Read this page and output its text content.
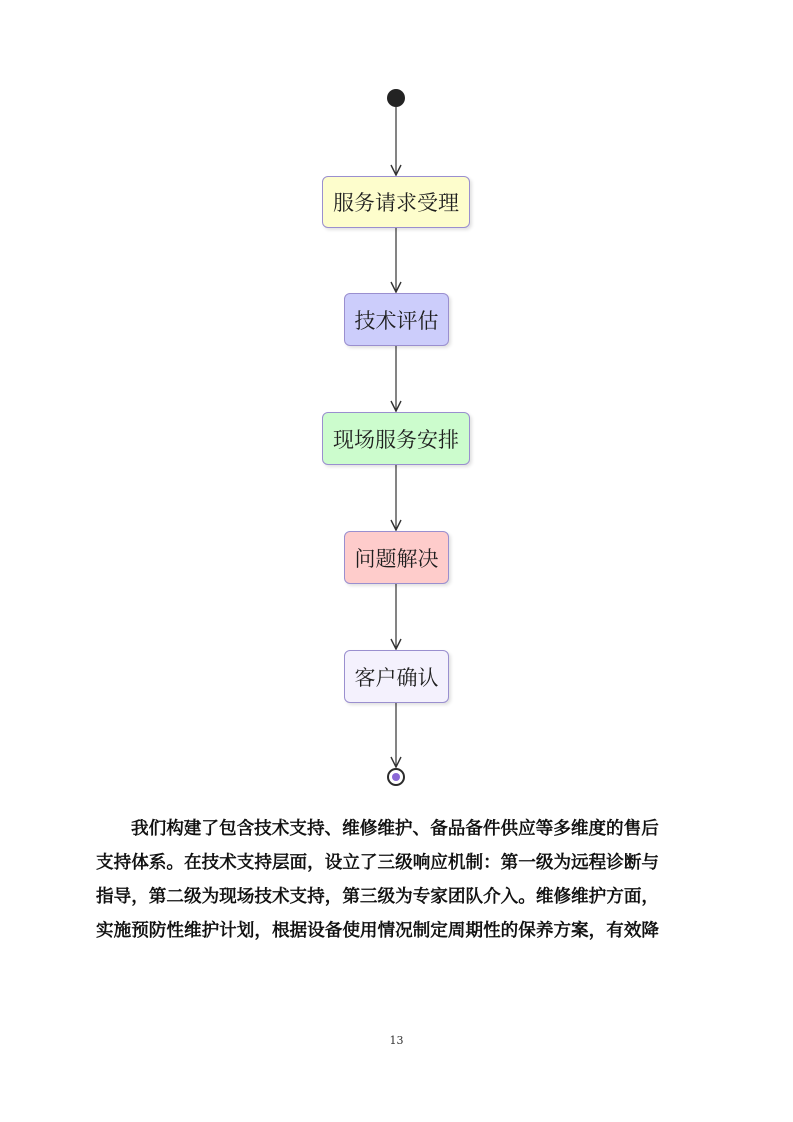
服务请求受理
技术评估
现场服务安排
问题解决
客户确认

我们构建了包含技术支持、维修维护、备品备件供应等多维度的售后

支持体系。在技术支持层面，设立了三级响应机制：第一级为远程诊断与

指导，第二级为现场技术支持，第三级为专家团队介入。维修维护方面，

实施预防性维护计划，根据设备使用情况制定周期性的保养方案，有效降

13
